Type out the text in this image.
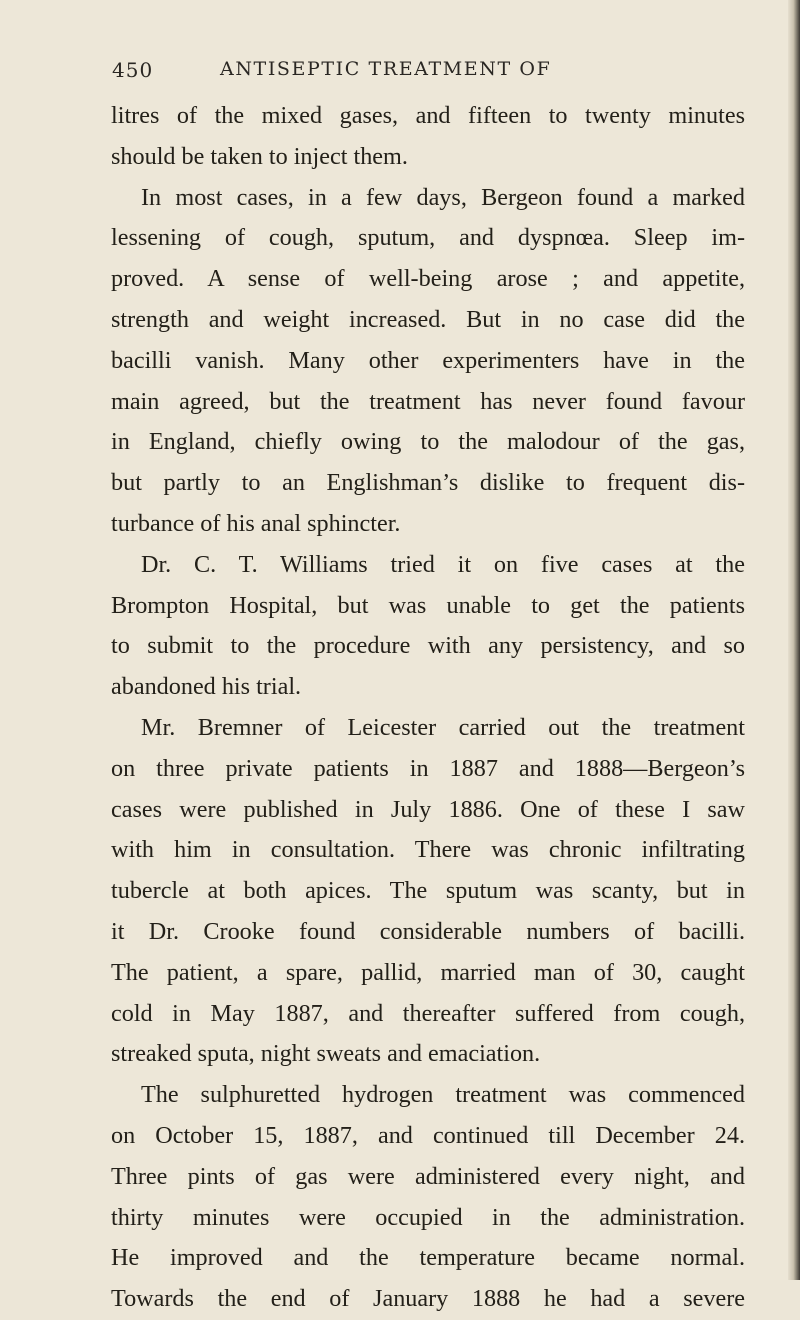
450	ANTISEPTIC TREATMENT OF
litres of the mixed gases, and fifteen to twenty minutes
should be taken to inject them.
In most cases, in a few days, Bergeon found a marked
lessening of cough, sputum, and dyspnœa. Sleep im-
proved. A sense of well-being arose ; and appetite,
strength and weight increased. But in no case did the
bacilli vanish. Many other experimenters have in the
main agreed, but the treatment has never found favour
in England, chiefly owing to the malodour of the gas,
but partly to an Englishman’s dislike to frequent dis-
turbance of his anal sphincter.
Dr. C. T. Williams tried it on five cases at the
Brompton Hospital, but was unable to get the patients
to submit to the procedure with any persistency, and so
abandoned his trial.
Mr. Bremner of Leicester carried out the treatment
on three private patients in 1887 and 1888—Bergeon’s
cases were published in July 1886. One of these I saw
with him in consultation. There was chronic infiltrating
tubercle at both apices. The sputum was scanty, but in
it Dr. Crooke found considerable numbers of bacilli.
The patient, a spare, pallid, married man of 30, caught
cold in May 1887, and thereafter suffered from cough,
streaked sputa, night sweats and emaciation.
The sulphuretted hydrogen treatment was commenced
on October 15, 1887, and continued till December 24.
Three pints of gas were administered every night, and
thirty minutes were occupied in the administration.
He improved and the temperature became normal.
Towards the end of January 1888 he had a severe
